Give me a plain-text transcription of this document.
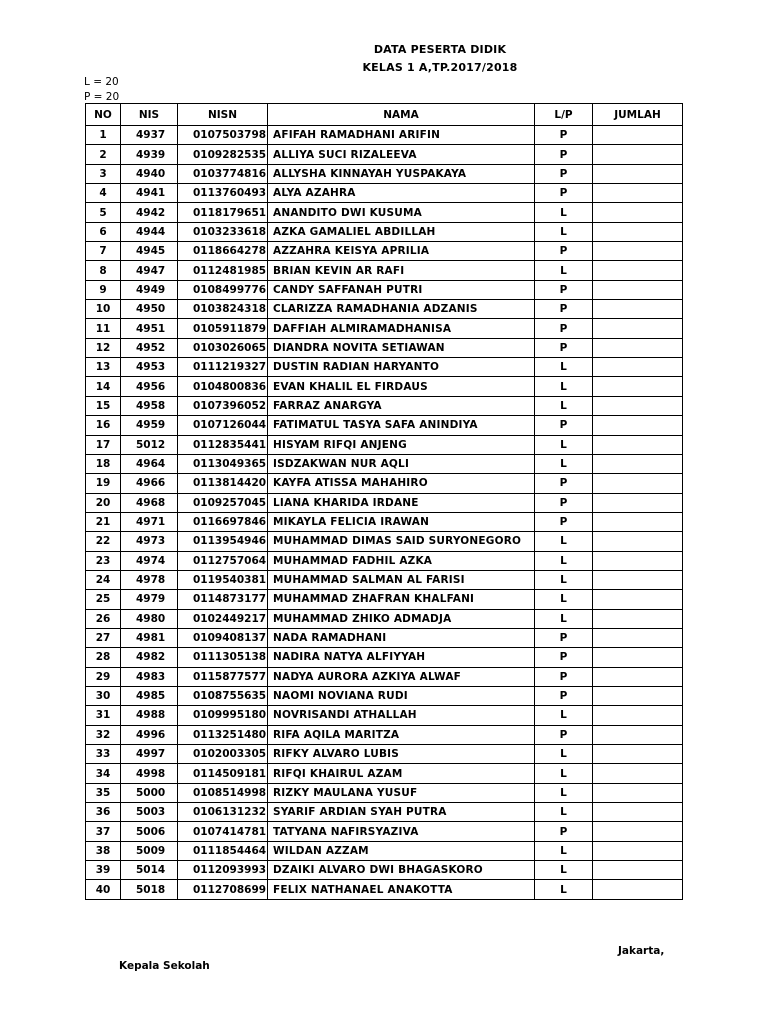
DATA PESERTA DIDIK
KELAS 1 A,TP.2017/2018
L = 20
P = 20
NO	NIS	NISN	NAMA	L/P	JUMLAH
1	4937	0107503798	AFIFAH RAMADHANI ARIFIN	P	
2	4939	0109282535	ALLIYA SUCI RIZALEEVA	P	
3	4940	0103774816	ALLYSHA KINNAYAH YUSPAKAYA	P	
4	4941	0113760493	ALYA AZAHRA	P	
5	4942	0118179651	ANANDITO DWI KUSUMA	L	
6	4944	0103233618	AZKA GAMALIEL ABDILLAH	L	
7	4945	0118664278	AZZAHRA KEISYA APRILIA	P	
8	4947	0112481985	BRIAN KEVIN AR RAFI	L	
9	4949	0108499776	CANDY SAFFANAH PUTRI	P	
10	4950	0103824318	CLARIZZA RAMADHANIA ADZANIS	P	
11	4951	0105911879	DAFFIAH ALMIRAMADHANISA	P	
12	4952	0103026065	DIANDRA NOVITA SETIAWAN	P	
13	4953	0111219327	DUSTIN RADIAN HARYANTO	L	
14	4956	0104800836	EVAN KHALIL EL FIRDAUS	L	
15	4958	0107396052	FARRAZ ANARGYA	L	
16	4959	0107126044	FATIMATUL TASYA SAFA ANINDIYA	P	
17	5012	0112835441	HISYAM RIFQI ANJENG	L	
18	4964	0113049365	ISDZAKWAN NUR AQLI	L	
19	4966	0113814420	KAYFA ATISSA MAHAHIRO	P	
20	4968	0109257045	LIANA KHARIDA IRDANE	P	
21	4971	0116697846	MIKAYLA FELICIA IRAWAN	P	
22	4973	0113954946	MUHAMMAD DIMAS SAID SURYONEGORO	L	
23	4974	0112757064	MUHAMMAD FADHIL AZKA	L	
24	4978	0119540381	MUHAMMAD SALMAN AL FARISI	L	
25	4979	0114873177	MUHAMMAD ZHAFRAN KHALFANI	L	
26	4980	0102449217	MUHAMMAD ZHIKO ADMADJA	L	
27	4981	0109408137	NADA RAMADHANI	P	
28	4982	0111305138	NADIRA NATYA ALFIYYAH	P	
29	4983	0115877577	NADYA AURORA AZKIYA ALWAF	P	
30	4985	0108755635	NAOMI NOVIANA RUDI	P	
31	4988	0109995180	NOVRISANDI ATHALLAH	L	
32	4996	0113251480	RIFA AQILA MARITZA	P	
33	4997	0102003305	RIFKY ALVARO LUBIS	L	
34	4998	0114509181	RIFQI KHAIRUL AZAM	L	
35	5000	0108514998	RIZKY MAULANA YUSUF	L	
36	5003	0106131232	SYARIF ARDIAN SYAH PUTRA	L	
37	5006	0107414781	TATYANA NAFIRSYAZIVA	P	
38	5009	0111854464	WILDAN AZZAM	L	
39	5014	0112093993	DZAIKI ALVARO DWI BHAGASKORO	L	
40	5018	0112708699	FELIX NATHANAEL ANAKOTTA	L	
Jakarta,
Kepala Sekolah
